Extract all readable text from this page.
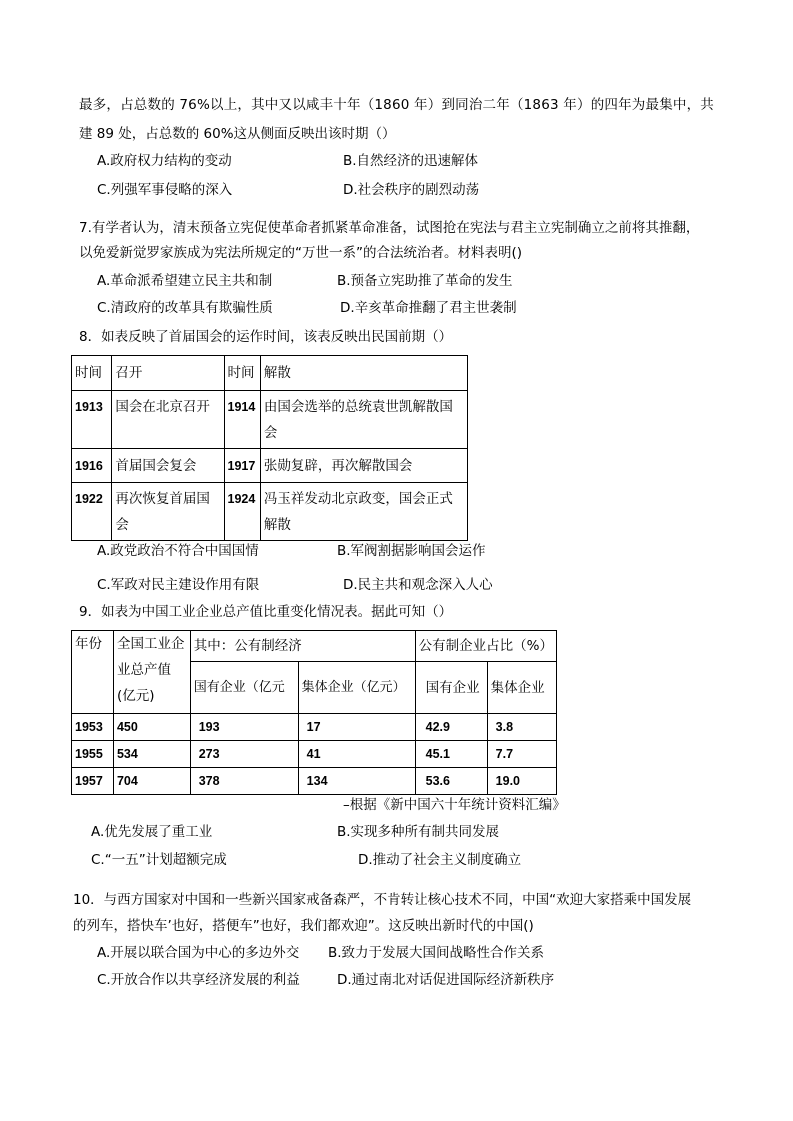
最多，占总数的 76%以上，其中又以咸丰十年（1860 年）到同治二年（1863 年）的四年为最集中，共
建 89 处，占总数的 60%这从侧面反映出该时期（）
A.政府权力结构的变动	B.自然经济的迅速解体
C.列强军事侵略的深入	D.社会秩序的剧烈动荡
7.有学者认为，清末预备立宪促使革命者抓紧革命准备，试图抢在宪法与君主立宪制确立之前将其推翻，
以免爱新觉罗家族成为宪法所规定的“万世一系”的合法统治者。材料表明()
A.革命派希望建立民主共和制	B.预备立宪助推了革命的发生
C.清政府的改革具有欺骗性质	D.辛亥革命推翻了君主世袭制
8．如表反映了首届国会的运作时间，该表反映出民国前期（）
时间	召开	时间	解散
1913	国会在北京召开	1914	由国会选举的总统袁世凯解散国会
1916	首届国会复会	1917	张勋复辟，再次解散国会
1922	再次恢复首届国会	1924	冯玉祥发动北京政变，国会正式解散
A.政党政治不符合中国国情	B.军阀割据影响国会运作
C.军政对民主建设作用有限	D.民主共和观念深入人心
9．如表为中国工业企业总产值比重变化情况表。据此可知（）
年份	全国工业企业总产值(亿元)	其中：公有制经济		公有制企业占比（%）	
		国有企业（亿元	集体企业（亿元）	国有企业	集体企业
1953	450	193	17	42.9	3.8
1955	534	273	41	45.1	7.7
1957	704	378	134	53.6	19.0
–根据《新中国六十年统计资料汇编》
A.优先发展了重工业	B.实现多种所有制共同发展
C.“一五”计划超额完成	D.推动了社会主义制度确立
10．与西方国家对中国和一些新兴国家戒备森严，不肯转让核心技术不同，中国“欢迎大家搭乘中国发展
的列车，搭快车’也好，搭便车”也好，我们都欢迎”。这反映出新时代的中国()
A.开展以联合国为中心的多边外交 B.致力于发展大国间战略性合作关系
C.开放合作以共享经济发展的利益	D.通过南北对话促进国际经济新秩序
